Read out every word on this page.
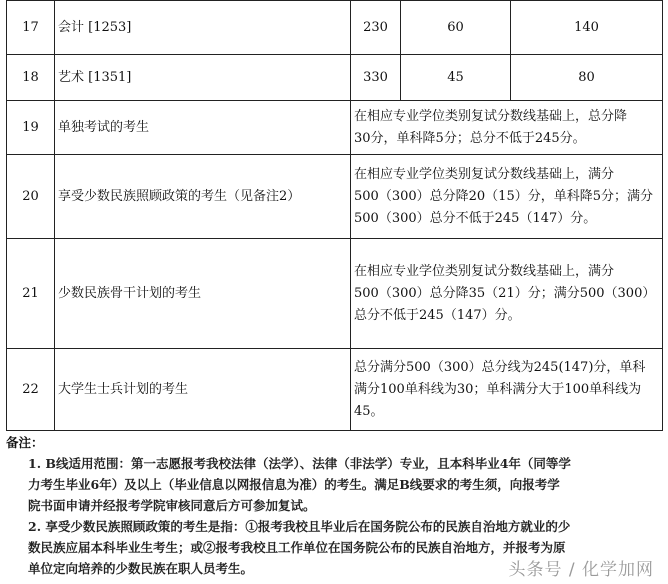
17	会计 [1253]	230	60	140
18	艺术 [1351]	330	45	80
19	单独考试的考生	在相应专业学位类别复试分数线基础上，总分降
30分，单科降5分；总分不低于245分。		

20	享受少数民族照顾政策的考生（见备注2）	在相应专业学位类别复试分数线基础上，满分
500（300）总分降20（15）分，单科降5分；满分
500（300）总分不低于245（147）分。		

21	少数民族骨干计划的考生	在相应专业学位类别复试分数线基础上，满分
500（300）总分降35（21）分；满分500（300）
总分不低于245（147）分。		

22	大学生士兵计划的考生	总分满分500（300）总分线为245(147)分，单科
满分100单科线为30；单科满分大于100单科线为
45。		
备注：
1. B线适用范围：第一志愿报考我校法律（法学）、法律（非法学）专业，且本科毕业4年（同等学
力考生毕业6年）及以上（毕业信息以网报信息为准）的考生。满足B线要求的考生须，向报考学
院书面申请并经报考学院审核同意后方可参加复试。
2. 享受少数民族照顾政策的考生是指：①报考我校且毕业后在国务院公布的民族自治地方就业的少
数民族应届本科毕业生考生；或②报考我校且工作单位在国务院公布的民族自治地方，并报考为原
单位定向培养的少数民族在职人员考生。	头条号 / 化学加网
